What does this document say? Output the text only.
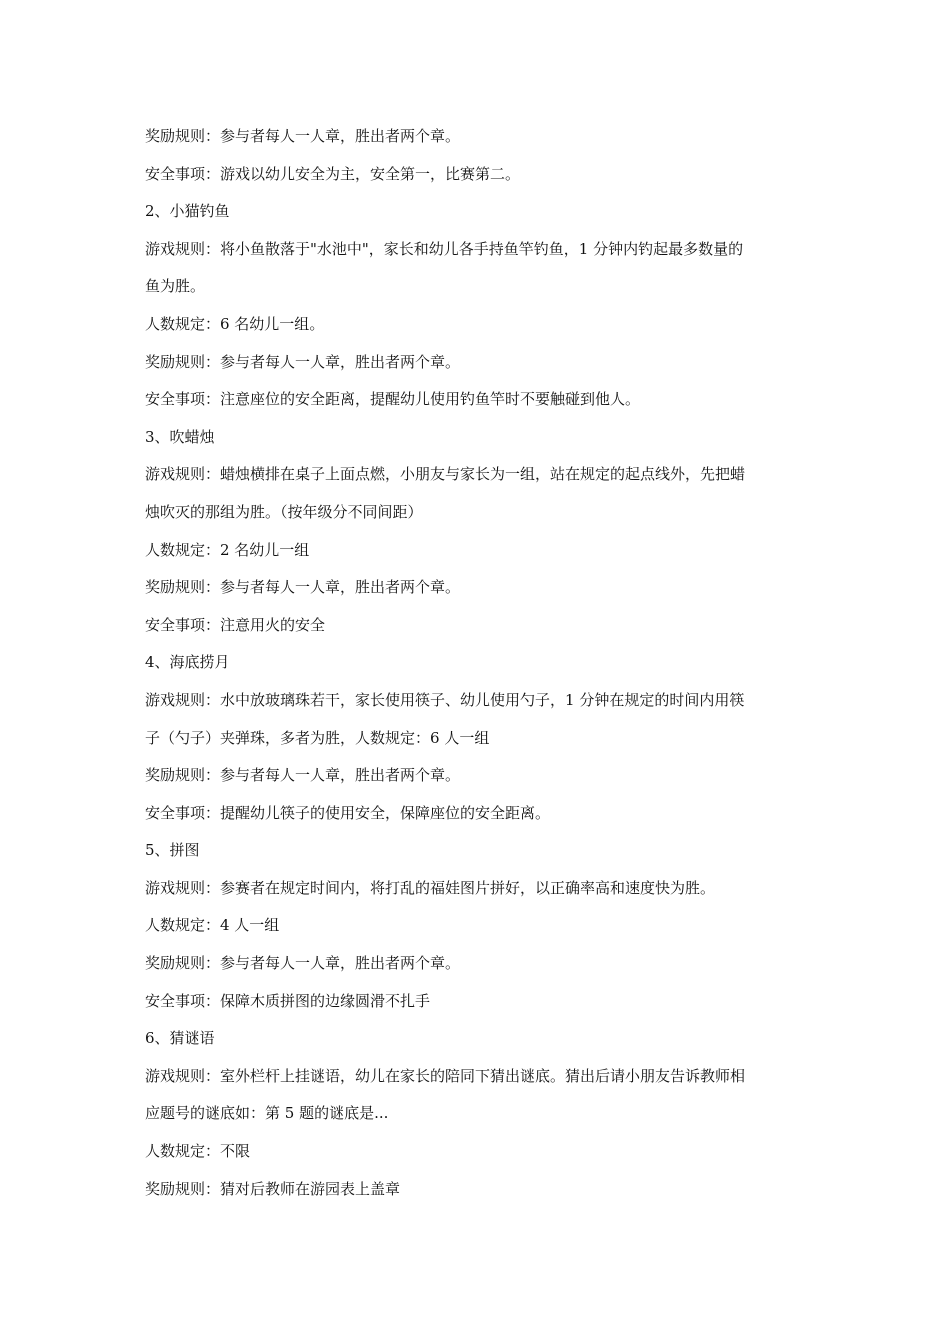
奖励规则：参与者每人一人章，胜出者两个章。

安全事项：游戏以幼儿安全为主，安全第一，比赛第二。

2、小猫钓鱼

游戏规则：将小鱼散落于"水池中"，家长和幼儿各手持鱼竿钓鱼，1 分钟内钓起最多数量的

鱼为胜。

人数规定：6 名幼儿一组。

奖励规则：参与者每人一人章，胜出者两个章。

安全事项：注意座位的安全距离，提醒幼儿使用钓鱼竿时不要触碰到他人。

3、吹蜡烛

游戏规则：蜡烛横排在桌子上面点燃，小朋友与家长为一组，站在规定的起点线外，先把蜡

烛吹灭的那组为胜。（按年级分不同间距）

人数规定：2 名幼儿一组

奖励规则：参与者每人一人章，胜出者两个章。

安全事项：注意用火的安全

4、海底捞月

游戏规则：水中放玻璃珠若干，家长使用筷子、幼儿使用勺子，1 分钟在规定的时间内用筷

子（勺子）夹弹珠，多者为胜，人数规定：6 人一组

奖励规则：参与者每人一人章，胜出者两个章。

安全事项：提醒幼儿筷子的使用安全，保障座位的安全距离。

5、拼图

游戏规则：参赛者在规定时间内，将打乱的福娃图片拼好，以正确率高和速度快为胜。

人数规定：4 人一组

奖励规则：参与者每人一人章，胜出者两个章。

安全事项：保障木质拼图的边缘圆滑不扎手

6、猜谜语

游戏规则：室外栏杆上挂谜语，幼儿在家长的陪同下猜出谜底。猜出后请小朋友告诉教师相

应题号的谜底如：第 5 题的谜底是...

人数规定：不限

奖励规则：猜对后教师在游园表上盖章
